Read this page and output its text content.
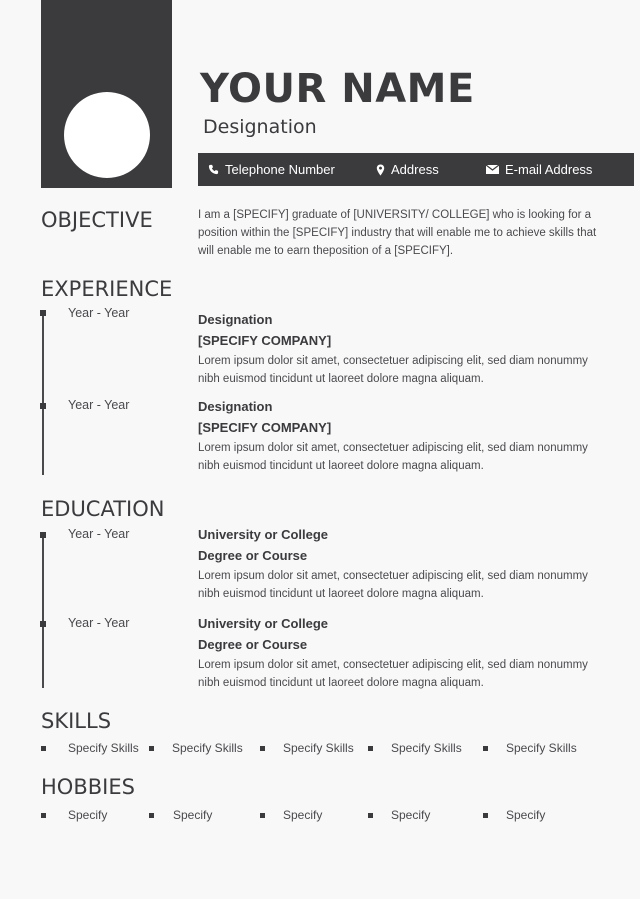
YOUR NAME
Designation
Telephone Number	Address	E-mail Address
OBJECTIVE	I am a [SPECIFY] graduate of [UNIVERSITY/ COLLEGE] who is looking for a position within the [SPECIFY] industry that will enable me to achieve skills that will enable me to earn theposition of a [SPECIFY].
EXPERIENCE
Year - Year	Designation
[SPECIFY COMPANY]
Lorem ipsum dolor sit amet, consectetuer adipiscing elit, sed diam nonummy nibh euismod tincidunt ut laoreet dolore magna aliquam.
Year - Year	Designation
[SPECIFY COMPANY]
Lorem ipsum dolor sit amet, consectetuer adipiscing elit, sed diam nonummy nibh euismod tincidunt ut laoreet dolore magna aliquam.
EDUCATION
Year - Year	University or College
Degree or Course
Lorem ipsum dolor sit amet, consectetuer adipiscing elit, sed diam nonummy nibh euismod tincidunt ut laoreet dolore magna aliquam.
Year - Year	University or College
Degree or Course
Lorem ipsum dolor sit amet, consectetuer adipiscing elit, sed diam nonummy nibh euismod tincidunt ut laoreet dolore magna aliquam.
SKILLS
Specify Skills	Specify Skills	Specify Skills	Specify Skills	Specify Skills
HOBBIES
Specify	Specify	Specify	Specify	Specify
